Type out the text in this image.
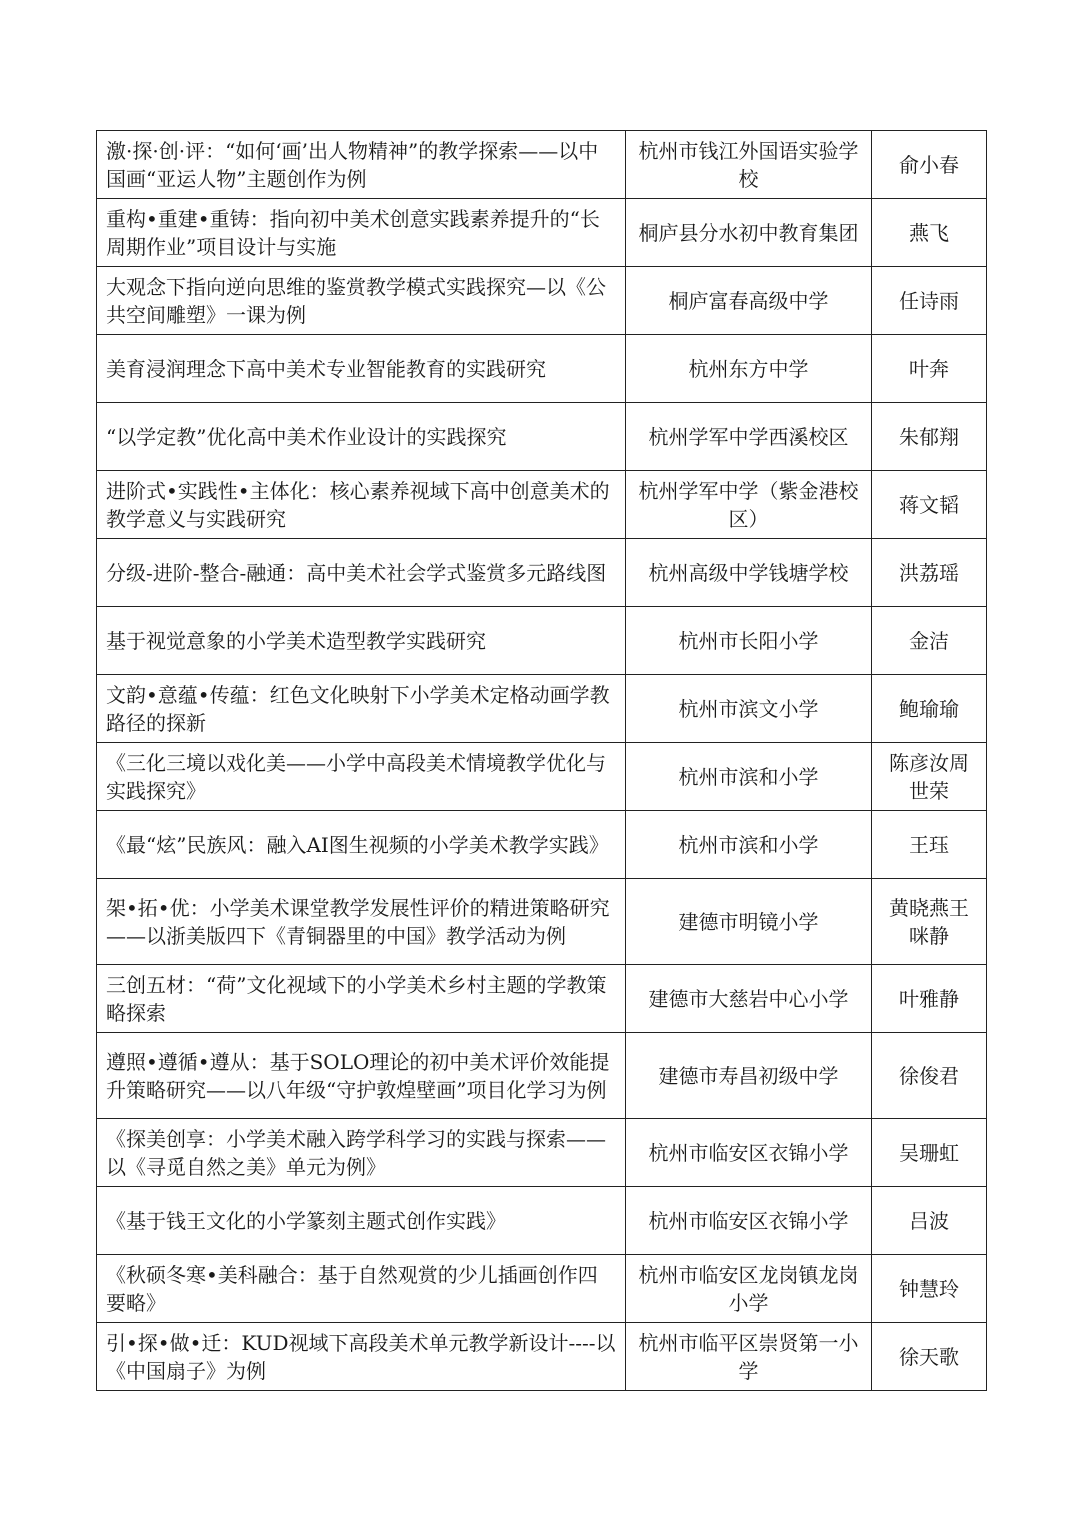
激·探·创·评：“如何‘画’出人物精神”的教学探索——以中国画“亚运人物”主题创作为例	杭州市钱江外国语实验学校	俞小春
重构•重建•重铸：指向初中美术创意实践素养提升的“长周期作业”项目设计与实施	桐庐县分水初中教育集团	燕飞
大观念下指向逆向思维的鉴赏教学模式实践探究—以《公共空间雕塑》一课为例	桐庐富春高级中学	任诗雨
美育浸润理念下高中美术专业智能教育的实践研究	杭州东方中学	叶奔
“以学定教”优化高中美术作业设计的实践探究	杭州学军中学西溪校区	朱郁翔
进阶式•实践性•主体化：核心素养视域下高中创意美术的教学意义与实践研究	杭州学军中学（紫金港校区）	蒋文韬
分级-进阶-整合-融通：高中美术社会学式鉴赏多元路线图	杭州高级中学钱塘学校	洪荔瑶
基于视觉意象的小学美术造型教学实践研究	杭州市长阳小学	金洁
文韵•意蕴•传蕴：红色文化映射下小学美术定格动画学教路径的探新	杭州市滨文小学	鲍瑜瑜
《三化三境以戏化美——小学中高段美术情境教学优化与实践探究》	杭州市滨和小学	陈彦汝周世荣
《最“炫”民族风：融入AI图生视频的小学美术教学实践》	杭州市滨和小学	王珏
架•拓•优：小学美术课堂教学发展性评价的精进策略研究——以浙美版四下《青铜器里的中国》教学活动为例	建德市明镜小学	黄晓燕王咪静
三创五材：“荷”文化视域下的小学美术乡村主题的学教策略探索	建德市大慈岩中心小学	叶雅静
遵照•遵循•遵从：基于SOLO理论的初中美术评价效能提升策略研究——以八年级“守护敦煌壁画”项目化学习为例	建德市寿昌初级中学	徐俊君
《探美创享：小学美术融入跨学科学习的实践与探索——以《寻觅自然之美》单元为例》	杭州市临安区衣锦小学	吴珊虹
《基于钱王文化的小学篆刻主题式创作实践》	杭州市临安区衣锦小学	吕波
《秋硕冬寒•美科融合：基于自然观赏的少儿插画创作四要略》	杭州市临安区龙岗镇龙岗小学	钟慧玲
引•探•做•迁：KUD视域下高段美术单元教学新设计----以《中国扇子》为例	杭州市临平区崇贤第一小学	徐天歌
